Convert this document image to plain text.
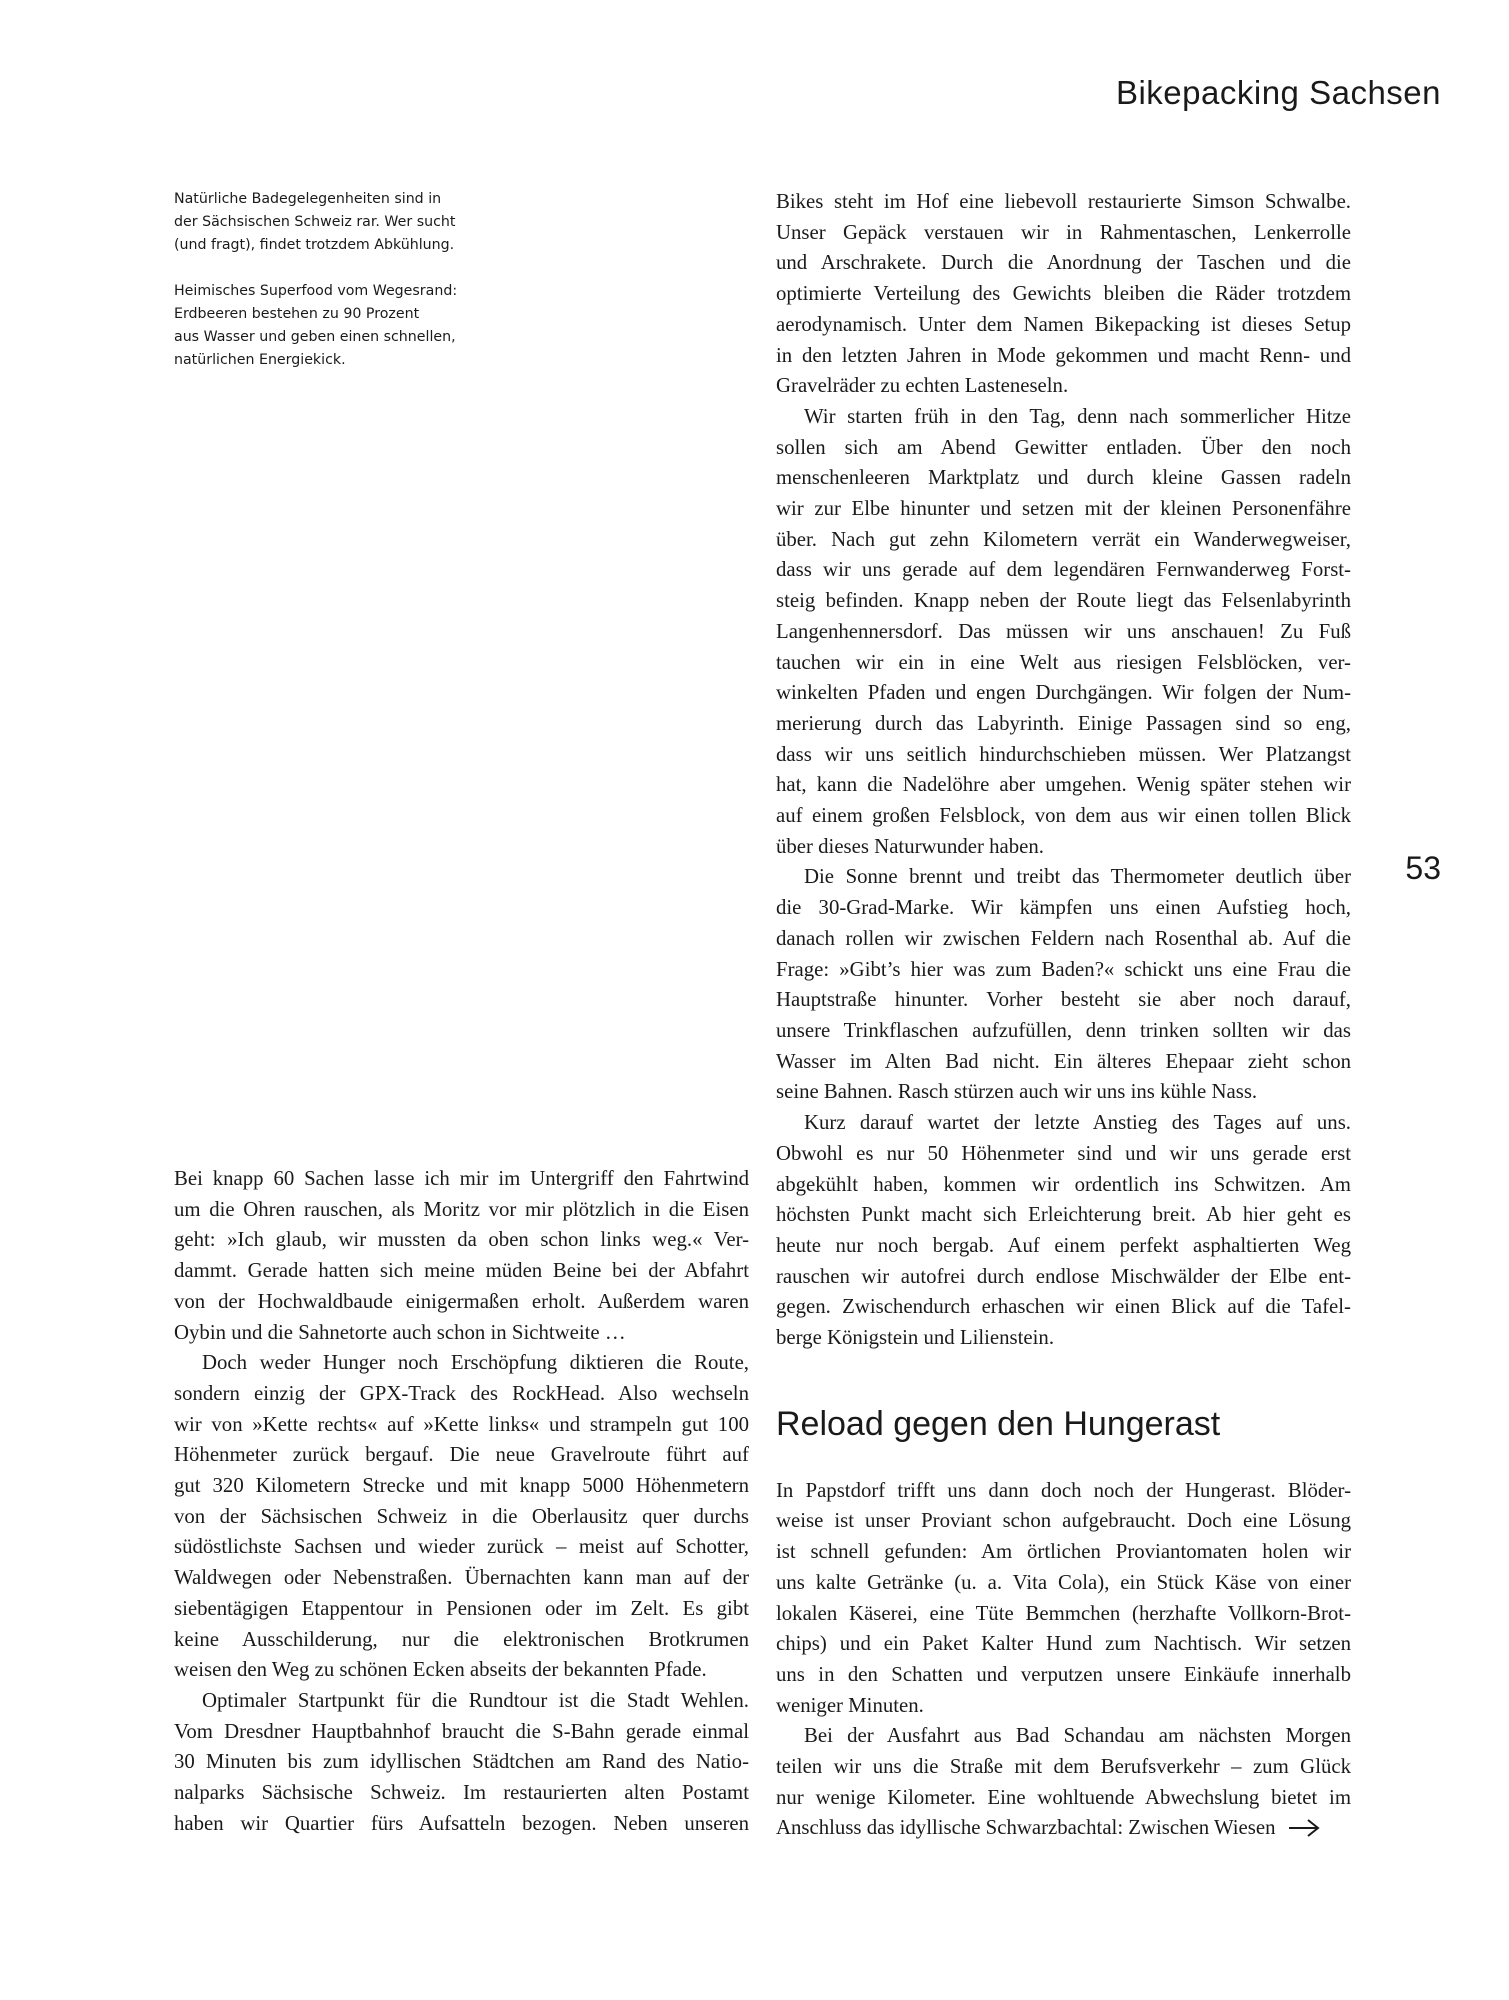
Bikepacking Sachsen
53

Natürliche Badegelegenheiten sind in
der Sächsischen Schweiz rar. Wer sucht
(und fragt), findet trotzdem Abkühlung.

Heimisches Superfood vom Wegesrand:
Erdbeeren bestehen zu 90 Prozent
aus Wasser und geben einen schnellen,
natürlichen Energiekick.

Bei knapp 60 Sachen lasse ich mir im Untergriff den Fahrtwind
um die Ohren rauschen, als Moritz vor mir plötzlich in die Eisen
geht: »Ich glaub, wir mussten da oben schon links weg.« Ver-
dammt. Gerade hatten sich meine müden Beine bei der Abfahrt
von der Hochwaldbaude einigermaßen erholt. Außerdem waren
Oybin und die Sahnetorte auch schon in Sichtweite …

Doch weder Hunger noch Erschöpfung diktieren die Route,
sondern einzig der GPX-Track des RockHead. Also wechseln
wir von »Kette rechts« auf »Kette links« und strampeln gut 100
Höhenmeter zurück bergauf. Die neue Gravelroute führt auf
gut 320 Kilometern Strecke und mit knapp 5000 Höhenmetern
von der Sächsischen Schweiz in die Oberlausitz quer durchs
südöstlichste Sachsen und wieder zurück – meist auf Schotter,
Waldwegen oder Nebenstraßen. Übernachten kann man auf der
siebentägigen Etappentour in Pensionen oder im Zelt. Es gibt
keine Ausschilderung, nur die elektronischen Brotkrumen
weisen den Weg zu schönen Ecken abseits der bekannten Pfade.

Optimaler Startpunkt für die Rundtour ist die Stadt Wehlen.
Vom Dresdner Hauptbahnhof braucht die S-Bahn gerade einmal
30 Minuten bis zum idyllischen Städtchen am Rand des Natio-
nalparks Sächsische Schweiz. Im restaurierten alten Postamt
haben wir Quartier fürs Aufsatteln bezogen. Neben unseren

Bikes steht im Hof eine liebevoll restaurierte Simson Schwalbe.
Unser Gepäck verstauen wir in Rahmentaschen, Lenkerrolle
und Arschrakete. Durch die Anordnung der Taschen und die
optimierte Verteilung des Gewichts bleiben die Räder trotzdem
aerodynamisch. Unter dem Namen Bikepacking ist dieses Setup
in den letzten Jahren in Mode gekommen und macht Renn- und
Gravelräder zu echten Lasteneseln.

Wir starten früh in den Tag, denn nach sommerlicher Hitze
sollen sich am Abend Gewitter entladen. Über den noch
menschenleeren Marktplatz und durch kleine Gassen radeln
wir zur Elbe hinunter und setzen mit der kleinen Personenfähre
über. Nach gut zehn Kilometern verrät ein Wanderwegweiser,
dass wir uns gerade auf dem legendären Fernwanderweg Forst-
steig befinden. Knapp neben der Route liegt das Felsenlabyrinth
Langenhennersdorf. Das müssen wir uns anschauen! Zu Fuß
tauchen wir ein in eine Welt aus riesigen Felsblöcken, ver-
winkelten Pfaden und engen Durchgängen. Wir folgen der Num-
merierung durch das Labyrinth. Einige Passagen sind so eng,
dass wir uns seitlich hindurchschieben müssen. Wer Platzangst
hat, kann die Nadelöhre aber umgehen. Wenig später stehen wir
auf einem großen Felsblock, von dem aus wir einen tollen Blick
über dieses Naturwunder haben.

Die Sonne brennt und treibt das Thermometer deutlich über
die 30-Grad-Marke. Wir kämpfen uns einen Aufstieg hoch,
danach rollen wir zwischen Feldern nach Rosenthal ab. Auf die
Frage: »Gibt’s hier was zum Baden?« schickt uns eine Frau die
Hauptstraße hinunter. Vorher besteht sie aber noch darauf,
unsere Trinkflaschen aufzufüllen, denn trinken sollten wir das
Wasser im Alten Bad nicht. Ein älteres Ehepaar zieht schon
seine Bahnen. Rasch stürzen auch wir uns ins kühle Nass.

Kurz darauf wartet der letzte Anstieg des Tages auf uns.
Obwohl es nur 50 Höhenmeter sind und wir uns gerade erst
abgekühlt haben, kommen wir ordentlich ins Schwitzen. Am
höchsten Punkt macht sich Erleichterung breit. Ab hier geht es
heute nur noch bergab. Auf einem perfekt asphaltierten Weg
rauschen wir autofrei durch endlose Mischwälder der Elbe ent-
gegen. Zwischendurch erhaschen wir einen Blick auf die Tafel-
berge Königstein und Lilienstein.

Reload gegen den Hungerast

In Papstdorf trifft uns dann doch noch der Hungerast. Blöder-
weise ist unser Proviant schon aufgebraucht. Doch eine Lösung
ist schnell gefunden: Am örtlichen Proviantomaten holen wir
uns kalte Getränke (u. a. Vita Cola), ein Stück Käse von einer
lokalen Käserei, eine Tüte Bemmchen (herzhafte Vollkorn-Brot-
chips) und ein Paket Kalter Hund zum Nachtisch. Wir setzen
uns in den Schatten und verputzen unsere Einkäufe innerhalb
weniger Minuten.

Bei der Ausfahrt aus Bad Schandau am nächsten Morgen
teilen wir uns die Straße mit dem Berufsverkehr – zum Glück
nur wenige Kilometer. Eine wohltuende Abwechslung bietet im
Anschluss das idyllische Schwarzbachtal: Zwischen Wiesen
